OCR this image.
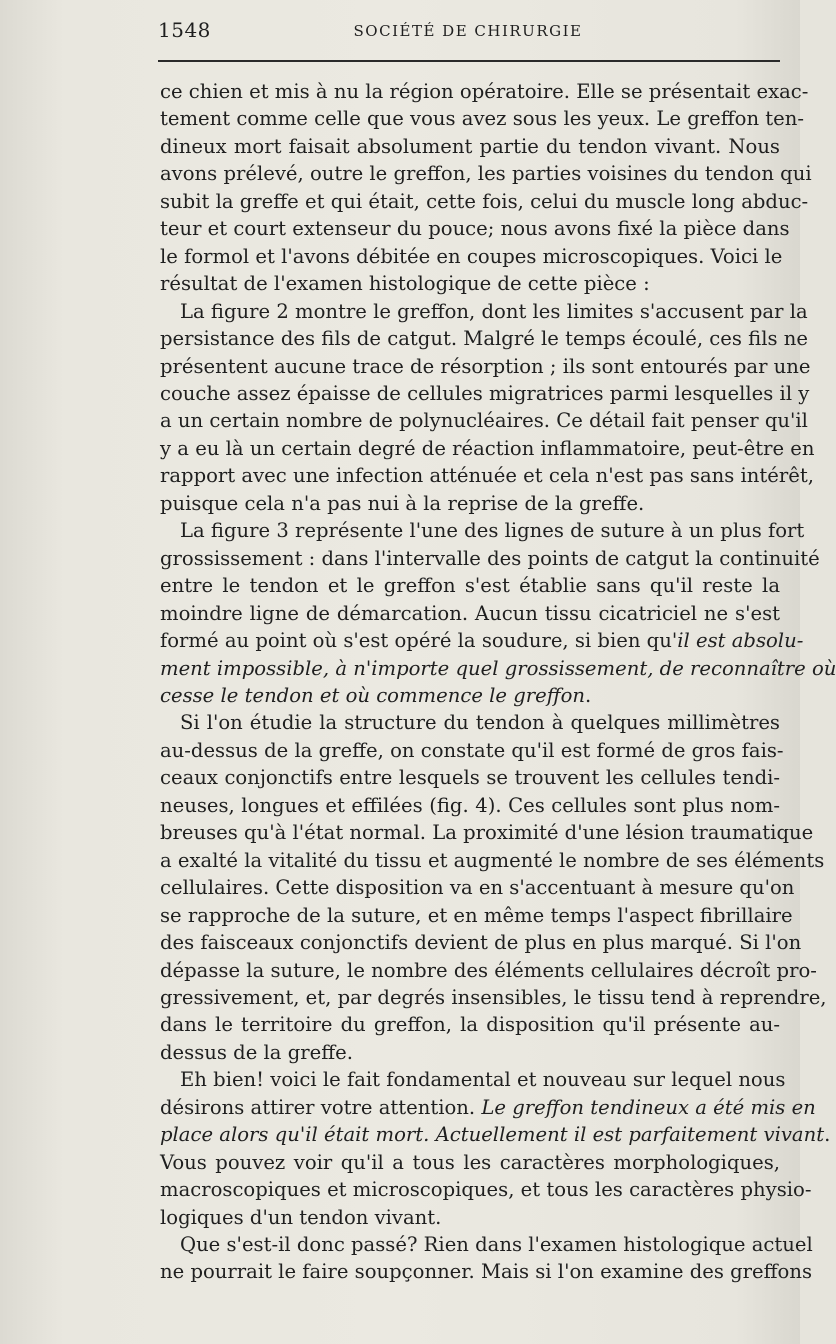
1548	SOCIÉTÉ DE CHIRURGIE
ce chien et mis à nu la région opératoire. Elle se présentait exac-
tement comme celle que vous avez sous les yeux. Le greffon ten-
dineux mort faisait absolument partie du tendon vivant. Nous
avons prélevé, outre le greffon, les parties voisines du tendon qui
subit la greffe et qui était, cette fois, celui du muscle long abduc-
teur et court extenseur du pouce; nous avons fixé la pièce dans
le formol et l'avons débitée en coupes microscopiques. Voici le
résultat de l'examen histologique de cette pièce :
La figure 2 montre le greffon, dont les limites s'accusent par la
persistance des fils de catgut. Malgré le temps écoulé, ces fils ne
présentent aucune trace de résorption ; ils sont entourés par une
couche assez épaisse de cellules migratrices parmi lesquelles il y
a un certain nombre de polynucléaires. Ce détail fait penser qu'il
y a eu là un certain degré de réaction inflammatoire, peut-être en
rapport avec une infection atténuée et cela n'est pas sans intérêt,
puisque cela n'a pas nui à la reprise de la greffe.
La figure 3 représente l'une des lignes de suture à un plus fort
grossissement : dans l'intervalle des points de catgut la continuité
entre le tendon et le greffon s'est établie sans qu'il reste la
moindre ligne de démarcation. Aucun tissu cicatriciel ne s'est
formé au point où s'est opéré la soudure, si bien qu'il est absolu-
ment impossible, à n'importe quel grossissement, de reconnaître où
cesse le tendon et où commence le greffon.
Si l'on étudie la structure du tendon à quelques millimètres
au-dessus de la greffe, on constate qu'il est formé de gros fais-
ceaux conjonctifs entre lesquels se trouvent les cellules tendi-
neuses, longues et effilées (fig. 4). Ces cellules sont plus nom-
breuses qu'à l'état normal. La proximité d'une lésion traumatique
a exalté la vitalité du tissu et augmenté le nombre de ses éléments
cellulaires. Cette disposition va en s'accentuant à mesure qu'on
se rapproche de la suture, et en même temps l'aspect fibrillaire
des faisceaux conjonctifs devient de plus en plus marqué. Si l'on
dépasse la suture, le nombre des éléments cellulaires décroît pro-
gressivement, et, par degrés insensibles, le tissu tend à reprendre,
dans le territoire du greffon, la disposition qu'il présente au-
dessus de la greffe.
Eh bien! voici le fait fondamental et nouveau sur lequel nous
désirons attirer votre attention. Le greffon tendineux a été mis en
place alors qu'il était mort. Actuellement il est parfaitement vivant.
Vous pouvez voir qu'il a tous les caractères morphologiques,
macroscopiques et microscopiques, et tous les caractères physio-
logiques d'un tendon vivant.
Que s'est-il donc passé? Rien dans l'examen histologique actuel
ne pourrait le faire soupçonner. Mais si l'on examine des greffons
